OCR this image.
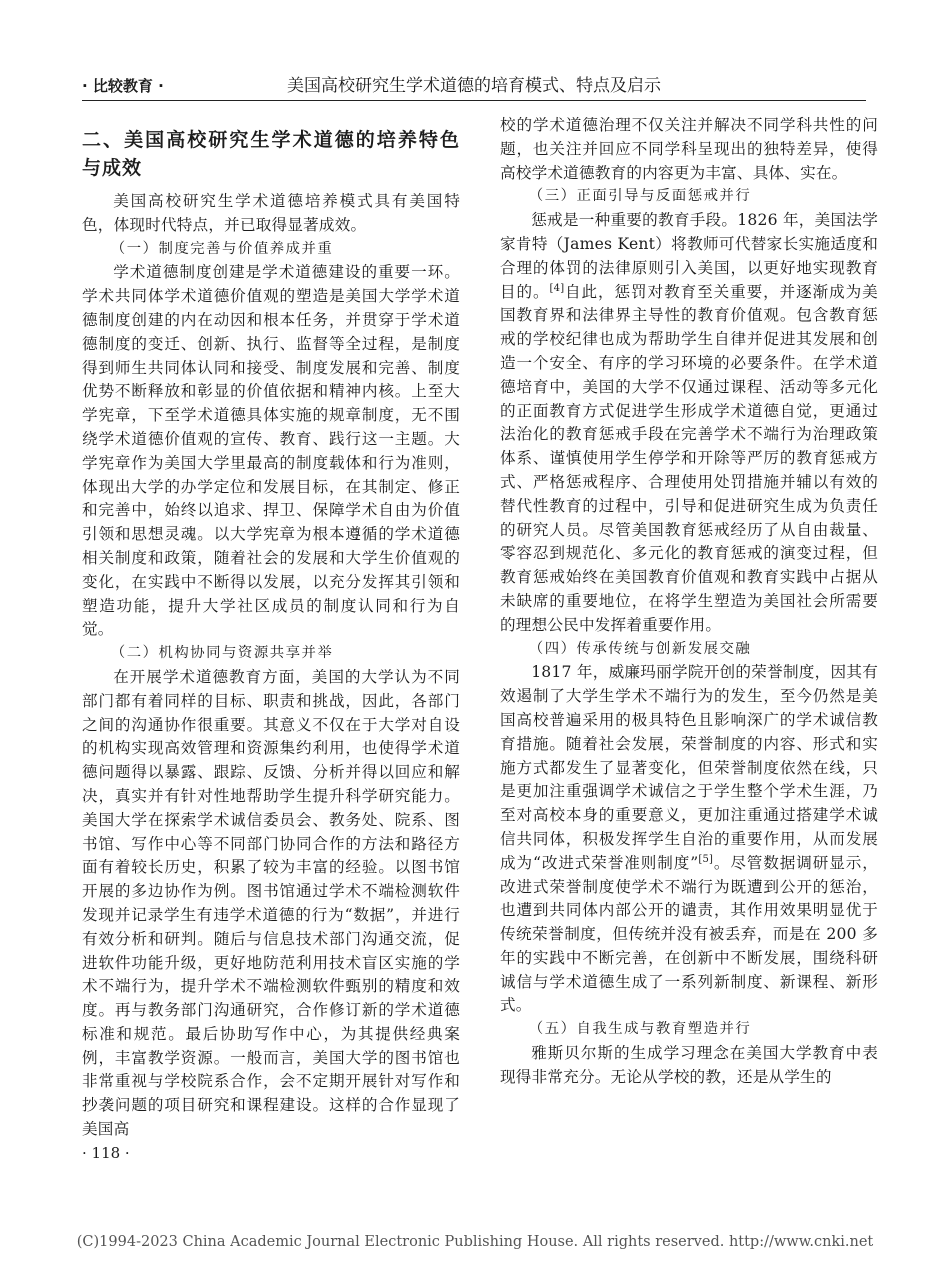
· 比较教育 ·	美国高校研究生学术道德的培育模式、特点及启示
二、美国高校研究生学术道德的培养特色与成效

美国高校研究生学术道德培养模式具有美国特色，体现时代特点，并已取得显著成效。

（一）制度完善与价值养成并重

学术道德制度创建是学术道德建设的重要一环。学术共同体学术道德价值观的塑造是美国大学学术道德制度创建的内在动因和根本任务，并贯穿于学术道德制度的变迁、创新、执行、监督等全过程，是制度得到师生共同体认同和接受、制度发展和完善、制度优势不断释放和彰显的价值依据和精神内核。上至大学宪章，下至学术道德具体实施的规章制度，无不围绕学术道德价值观的宣传、教育、践行这一主题。大学宪章作为美国大学里最高的制度载体和行为准则，体现出大学的办学定位和发展目标，在其制定、修正和完善中，始终以追求、捍卫、保障学术自由为价值引领和思想灵魂。以大学宪章为根本遵循的学术道德相关制度和政策，随着社会的发展和大学生价值观的变化，在实践中不断得以发展，以充分发挥其引领和塑造功能，提升大学社区成员的制度认同和行为自觉。

（二）机构协同与资源共享并举

在开展学术道德教育方面，美国的大学认为不同部门都有着同样的目标、职责和挑战，因此，各部门之间的沟通协作很重要。其意义不仅在于大学对自设的机构实现高效管理和资源集约利用，也使得学术道德问题得以暴露、跟踪、反馈、分析并得以回应和解决，真实并有针对性地帮助学生提升科学研究能力。美国大学在探索学术诚信委员会、教务处、院系、图书馆、写作中心等不同部门协同合作的方法和路径方面有着较长历史，积累了较为丰富的经验。以图书馆开展的多边协作为例。图书馆通过学术不端检测软件发现并记录学生有违学术道德的行为“数据”，并进行有效分析和研判。随后与信息技术部门沟通交流，促进软件功能升级，更好地防范利用技术盲区实施的学术不端行为，提升学术不端检测软件甄别的精度和效度。再与教务部门沟通研究，合作修订新的学术道德标准和规范。最后协助写作中心，为其提供经典案例，丰富教学资源。一般而言，美国大学的图书馆也非常重视与学校院系合作，会不定期开展针对写作和抄袭问题的项目研究和课程建设。这样的合作显现了美国高

校的学术道德治理不仅关注并解决不同学科共性的问题，也关注并回应不同学科呈现出的独特差异，使得高校学术道德教育的内容更为丰富、具体、实在。

（三）正面引导与反面惩戒并行

惩戒是一种重要的教育手段。1826 年，美国法学家肯特（James Kent）将教师可代替家长实施适度和合理的体罚的法律原则引入美国，以更好地实现教育目的。[4]自此，惩罚对教育至关重要，并逐渐成为美国教育界和法律界主导性的教育价值观。包含教育惩戒的学校纪律也成为帮助学生自律并促进其发展和创造一个安全、有序的学习环境的必要条件。在学术道德培育中，美国的大学不仅通过课程、活动等多元化的正面教育方式促进学生形成学术道德自觉，更通过法治化的教育惩戒手段在完善学术不端行为治理政策体系、谨慎使用学生停学和开除等严厉的教育惩戒方式、严格惩戒程序、合理使用处罚措施并辅以有效的替代性教育的过程中，引导和促进研究生成为负责任的研究人员。尽管美国教育惩戒经历了从自由裁量、零容忍到规范化、多元化的教育惩戒的演变过程，但教育惩戒始终在美国教育价值观和教育实践中占据从未缺席的重要地位，在将学生塑造为美国社会所需要的理想公民中发挥着重要作用。

（四）传承传统与创新发展交融

1817 年，威廉玛丽学院开创的荣誉制度，因其有效遏制了大学生学术不端行为的发生，至今仍然是美国高校普遍采用的极具特色且影响深广的学术诚信教育措施。随着社会发展，荣誉制度的内容、形式和实施方式都发生了显著变化，但荣誉制度依然在线，只是更加注重强调学术诚信之于学生整个学术生涯，乃至对高校本身的重要意义，更加注重通过搭建学术诚信共同体，积极发挥学生自治的重要作用，从而发展成为“改进式荣誉准则制度”[5]。尽管数据调研显示，改进式荣誉制度使学术不端行为既遭到公开的惩治，也遭到共同体内部公开的谴责，其作用效果明显优于传统荣誉制度，但传统并没有被丢弃，而是在 200 多年的实践中不断完善，在创新中不断发展，围绕科研诚信与学术道德生成了一系列新制度、新课程、新形式。

（五）自我生成与教育塑造并行

雅斯贝尔斯的生成学习理念在美国大学教育中表现得非常充分。无论从学校的教，还是从学生的

· 118 ·
(C)1994-2023 China Academic Journal Electronic Publishing House. All rights reserved. http://www.cnki.net
